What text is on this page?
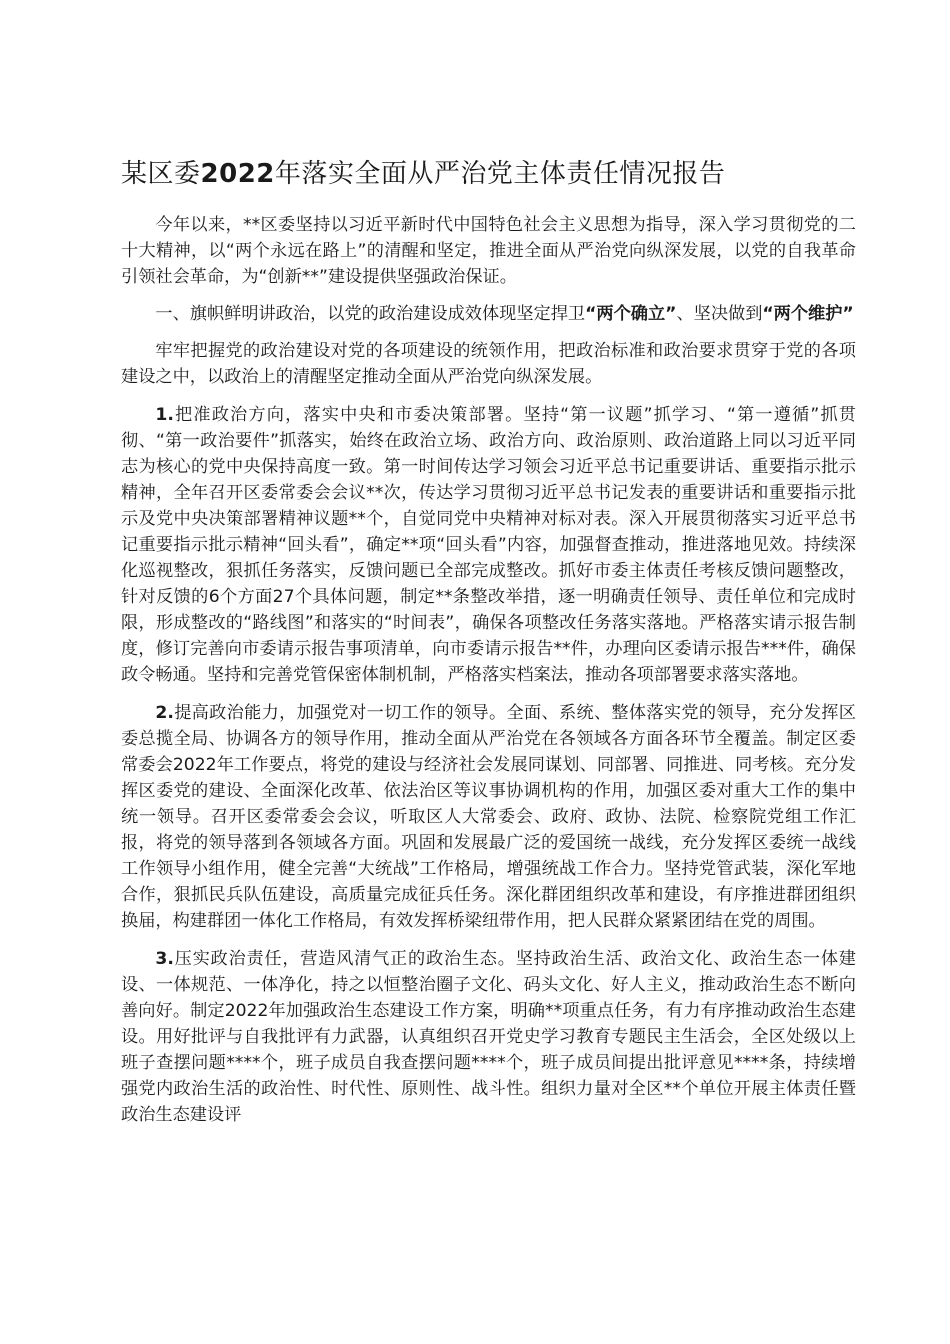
某区委2022年落实全面从严治党主体责任情况报告

今年以来，**区委坚持以习近平新时代中国特色社会主义思想为指导，深入学习贯彻党的二十大精神，以“两个永远在路上”的清醒和坚定，推进全面从严治党向纵深发展，以党的自我革命引领社会革命，为“创新**”建设提供坚强政治保证。

一、旗帜鲜明讲政治，以党的政治建设成效体现坚定捍卫“两个确立”、坚决做到“两个维护”

牢牢把握党的政治建设对党的各项建设的统领作用，把政治标准和政治要求贯穿于党的各项建设之中，以政治上的清醒坚定推动全面从严治党向纵深发展。

1.把准政治方向，落实中央和市委决策部署。坚持“第一议题”抓学习、“第一遵循”抓贯彻、“第一政治要件”抓落实，始终在政治立场、政治方向、政治原则、政治道路上同以习近平同志为核心的党中央保持高度一致。第一时间传达学习领会习近平总书记重要讲话、重要指示批示精神，全年召开区委常委会会议**次，传达学习贯彻习近平总书记发表的重要讲话和重要指示批示及党中央决策部署精神议题**个，自觉同党中央精神对标对表。深入开展贯彻落实习近平总书记重要指示批示精神“回头看”，确定**项“回头看”内容，加强督查推动，推进落地见效。持续深化巡视整改，狠抓任务落实，反馈问题已全部完成整改。抓好市委主体责任考核反馈问题整改，针对反馈的6个方面27个具体问题，制定**条整改举措，逐一明确责任领导、责任单位和完成时限，形成整改的“路线图”和落实的“时间表”，确保各项整改任务落实落地。严格落实请示报告制度，修订完善向市委请示报告事项清单，向市委请示报告**件，办理向区委请示报告***件，确保政令畅通。坚持和完善党管保密体制机制，严格落实档案法，推动各项部署要求落实落地。

2.提高政治能力，加强党对一切工作的领导。全面、系统、整体落实党的领导，充分发挥区委总揽全局、协调各方的领导作用，推动全面从严治党在各领域各方面各环节全覆盖。制定区委常委会2022年工作要点，将党的建设与经济社会发展同谋划、同部署、同推进、同考核。充分发挥区委党的建设、全面深化改革、依法治区等议事协调机构的作用，加强区委对重大工作的集中统一领导。召开区委常委会会议，听取区人大常委会、政府、政协、法院、检察院党组工作汇报，将党的领导落到各领域各方面。巩固和发展最广泛的爱国统一战线，充分发挥区委统一战线工作领导小组作用，健全完善“大统战”工作格局，增强统战工作合力。坚持党管武装，深化军地合作，狠抓民兵队伍建设，高质量完成征兵任务。深化群团组织改革和建设，有序推进群团组织换届，构建群团一体化工作格局，有效发挥桥梁纽带作用，把人民群众紧紧团结在党的周围。

3.压实政治责任，营造风清气正的政治生态。坚持政治生活、政治文化、政治生态一体建设、一体规范、一体净化，持之以恒整治圈子文化、码头文化、好人主义，推动政治生态不断向善向好。制定2022年加强政治生态建设工作方案，明确**项重点任务，有力有序推动政治生态建设。用好批评与自我批评有力武器，认真组织召开党史学习教育专题民主生活会，全区处级以上班子查摆问题****个，班子成员自我查摆问题****个，班子成员间提出批评意见****条，持续增强党内政治生活的政治性、时代性、原则性、战斗性。组织力量对全区**个单位开展主体责任暨政治生态建设评
